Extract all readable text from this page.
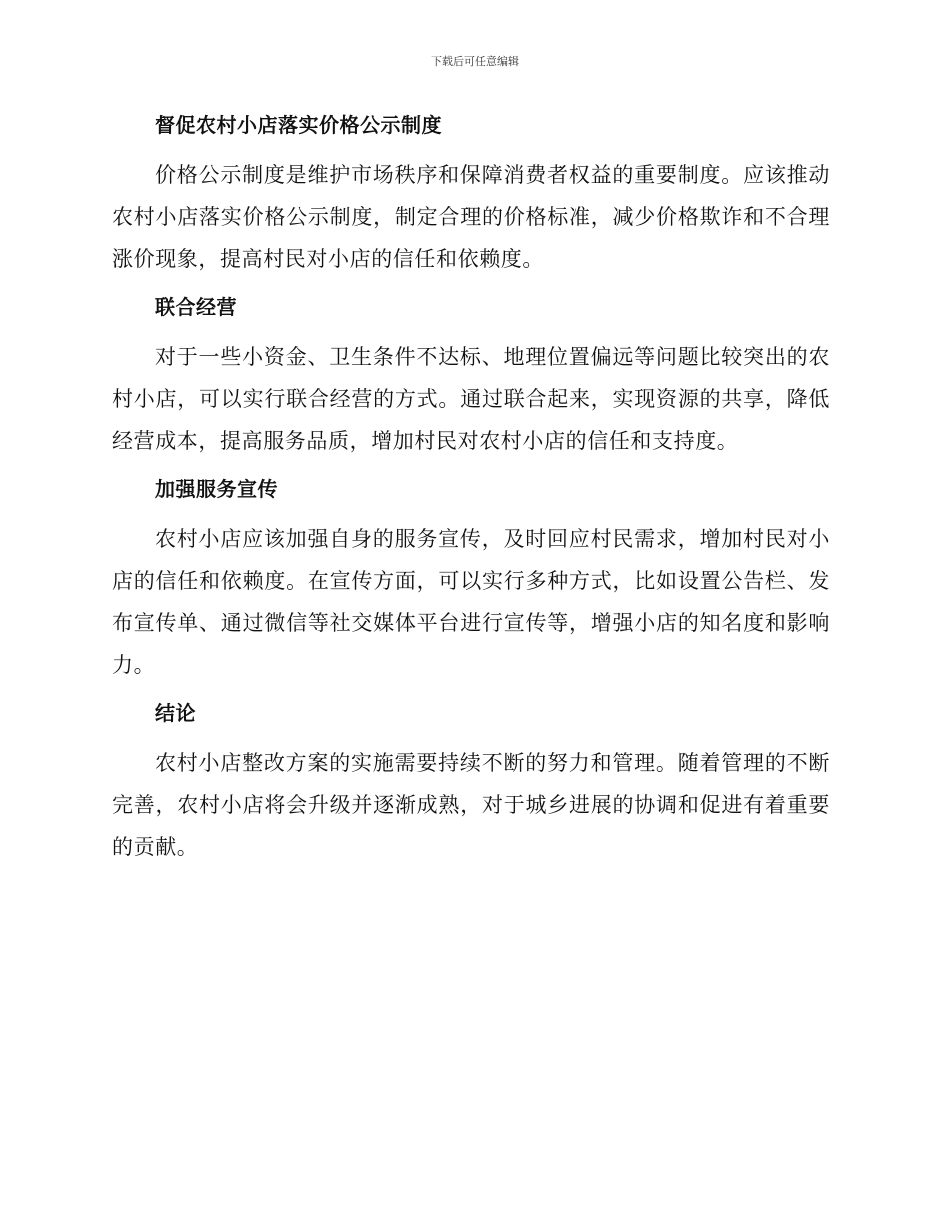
下载后可任意编辑
督促农村小店落实价格公示制度

价格公示制度是维护市场秩序和保障消费者权益的重要制度。应该推动农村小店落实价格公示制度，制定合理的价格标准，减少价格欺诈和不合理涨价现象，提高村民对小店的信任和依赖度。

联合经营

对于一些小资金、卫生条件不达标、地理位置偏远等问题比较突出的农村小店，可以实行联合经营的方式。通过联合起来，实现资源的共享，降低经营成本，提高服务品质，增加村民对农村小店的信任和支持度。

加强服务宣传

农村小店应该加强自身的服务宣传，及时回应村民需求，增加村民对小店的信任和依赖度。在宣传方面，可以实行多种方式，比如设置公告栏、发布宣传单、通过微信等社交媒体平台进行宣传等，增强小店的知名度和影响力。

结论

农村小店整改方案的实施需要持续不断的努力和管理。随着管理的不断完善，农村小店将会升级并逐渐成熟，对于城乡进展的协调和促进有着重要的贡献。
